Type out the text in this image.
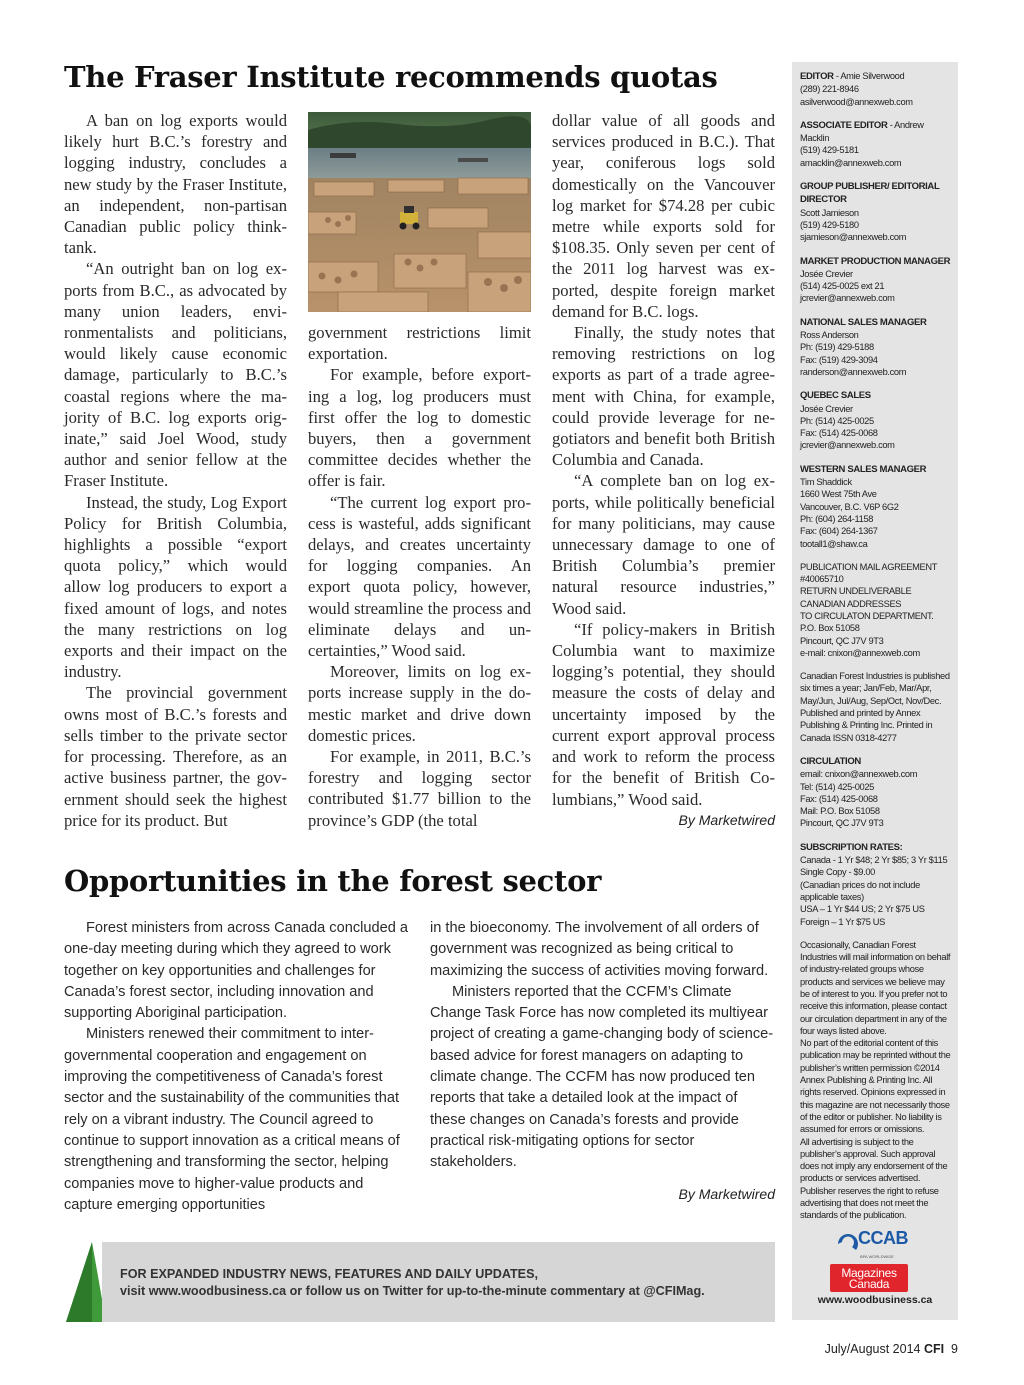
The Fraser Institute recommends quotas

A ban on log exports would likely hurt B.C.’s forestry and logging industry, concludes a new study by the Fraser Institute, an independent, non-partisan Canadian public policy think-tank.

“An outright ban on log exports from B.C., as advocated by many union leaders, environmentalists and politicians, would likely cause economic damage, particularly to B.C.’s coastal regions where the majority of B.C. log exports originate,” said Joel Wood, study author and senior fellow at the Fraser Institute.

Instead, the study, Log Export Policy for British Columbia, highlights a possible “export quota policy,” which would allow log producers to export a fixed amount of logs, and notes the many restrictions on log exports and their impact on the industry.

The provincial government owns most of B.C.’s forests and sells timber to the private sector for processing. Therefore, as an active business partner, the government should seek the highest price for its product. But

government restrictions limit exportation.

For example, before exporting a log, log producers must first offer the log to domestic buyers, then a government committee decides whether the offer is fair.

“The current log export process is wasteful, adds significant delays, and creates uncertainty for logging companies. An export quota policy, however, would streamline the process and eliminate delays and uncertainties,” Wood said.

Moreover, limits on log exports increase supply in the domestic market and drive down domestic prices.

For example, in 2011, B.C.’s forestry and logging sector contributed $1.77 billion to the province’s GDP (the total

dollar value of all goods and services produced in B.C.). That year, coniferous logs sold domestically on the Vancouver log market for $74.28 per cubic metre while exports sold for $108.35. Only seven per cent of the 2011 log harvest was exported, despite foreign market demand for B.C. logs.

Finally, the study notes that removing restrictions on log exports as part of a trade agreement with China, for example, could provide leverage for negotiators and benefit both British Columbia and Canada.

“A complete ban on log exports, while politically beneficial for many politicians, may cause unnecessary damage to one of British Columbia’s premier natural resource industries,” Wood said.

“If policy-makers in British Columbia want to maximize logging’s potential, they should measure the costs of delay and uncertainty imposed by the current export approval process and work to reform the process for the benefit of British Columbians,” Wood said.

By Marketwired
Opportunities in the forest sector

Forest ministers from across Canada concluded a one-day meeting during which they agreed to work together on key opportunities and challenges for Canada’s forest sector, including innovation and supporting Aboriginal participation.

Ministers renewed their commitment to inter-governmental cooperation and engagement on improving the competitiveness of Canada’s forest sector and the sustainability of the communities that rely on a vibrant industry. The Council agreed to continue to support innovation as a critical means of strengthening and transforming the sector, helping companies move to higher-value products and capture emerging opportunities

in the bioeconomy. The involvement of all orders of government was recognized as being critical to maximizing the success of activities moving forward.

Ministers reported that the CCFM’s Climate Change Task Force has now completed its multiyear project of creating a game-changing body of science-based advice for forest managers on adapting to climate change. The CCFM has now produced ten reports that take a detailed look at the impact of these changes on Canada’s forests and provide practical risk-mitigating options for sector stakeholders.

By Marketwired
EDITOR - Amie Silverwood
(289) 221-8946
asilverwood@annexweb.com
ASSOCIATE EDITOR - Andrew Macklin
(519) 429-5181
amacklin@annexweb.com
GROUP PUBLISHER/ EDITORIAL DIRECTOR
Scott Jamieson
(519) 429-5180
sjamieson@annexweb.com
MARKET PRODUCTION MANAGER
Josée Crevier
(514) 425-0025 ext 21
jcrevier@annexweb.com
NATIONAL SALES MANAGER
Ross Anderson
Ph: (519) 429-5188
Fax: (519) 429-3094
randerson@annexweb.com
QUEBEC SALES
Josée Crevier
Ph: (514) 425-0025
Fax: (514) 425-0068
jcrevier@annexweb.com
WESTERN SALES MANAGER
Tim Shaddick
1660 West 75th Ave
Vancouver, B.C. V6P 6G2
Ph: (604) 264-1158
Fax: (604) 264-1367
tootall1@shaw.ca
PUBLICATION MAIL AGREEMENT
#40065710
RETURN UNDELIVERABLE CANADIAN ADDRESSES
TO CIRCULATON DEPARTMENT.
P.O. Box 51058
Pincourt, QC J7V 9T3
e-mail: cnixon@annexweb.com
Canadian Forest Industries is published six times a year; Jan/Feb, Mar/Apr, May/Jun, Jul/Aug, Sep/Oct, Nov/Dec. Published and printed by Annex Publishing & Printing Inc. Printed in Canada ISSN 0318-4277
CIRCULATION
email: cnixon@annexweb.com
Tel: (514) 425-0025
Fax: (514) 425-0068
Mail: P.O. Box 51058
Pincourt, QC J7V 9T3
SUBSCRIPTION RATES:
Canada - 1 Yr $48; 2 Yr $85; 3 Yr $115
Single Copy - $9.00
(Canadian prices do not include applicable taxes)
USA – 1 Yr $44 US; 2 Yr $75 US
Foreign – 1 Yr $75 US
Occasionally, Canadian Forest Industries will mail information on behalf of industry-related groups whose products and services we believe may be of interest to you. If you prefer not to receive this information, please contact our circulation department in any of the four ways listed above.
No part of the editorial content of this publication may be reprinted without the publisher’s written permission ©2014 Annex Publishing & Printing Inc. All rights reserved. Opinions expressed in this magazine are not necessarily those of the editor or publisher. No liability is assumed for errors or omissions.
All advertising is subject to the publisher’s approval. Such approval does not imply any endorsement of the products or services advertised. Publisher reserves the right to refuse advertising that does not meet the standards of the publication.
CCAB
BPA WORLDWIDE
Magazines
Canada
www.woodbusiness.ca
FOR EXPANDED INDUSTRY NEWS, FEATURES AND DAILY UPDATES,
visit www.woodbusiness.ca or follow us on Twitter for up-to-the-minute commentary at @CFIMag.
July/August 2014 CFI 9
